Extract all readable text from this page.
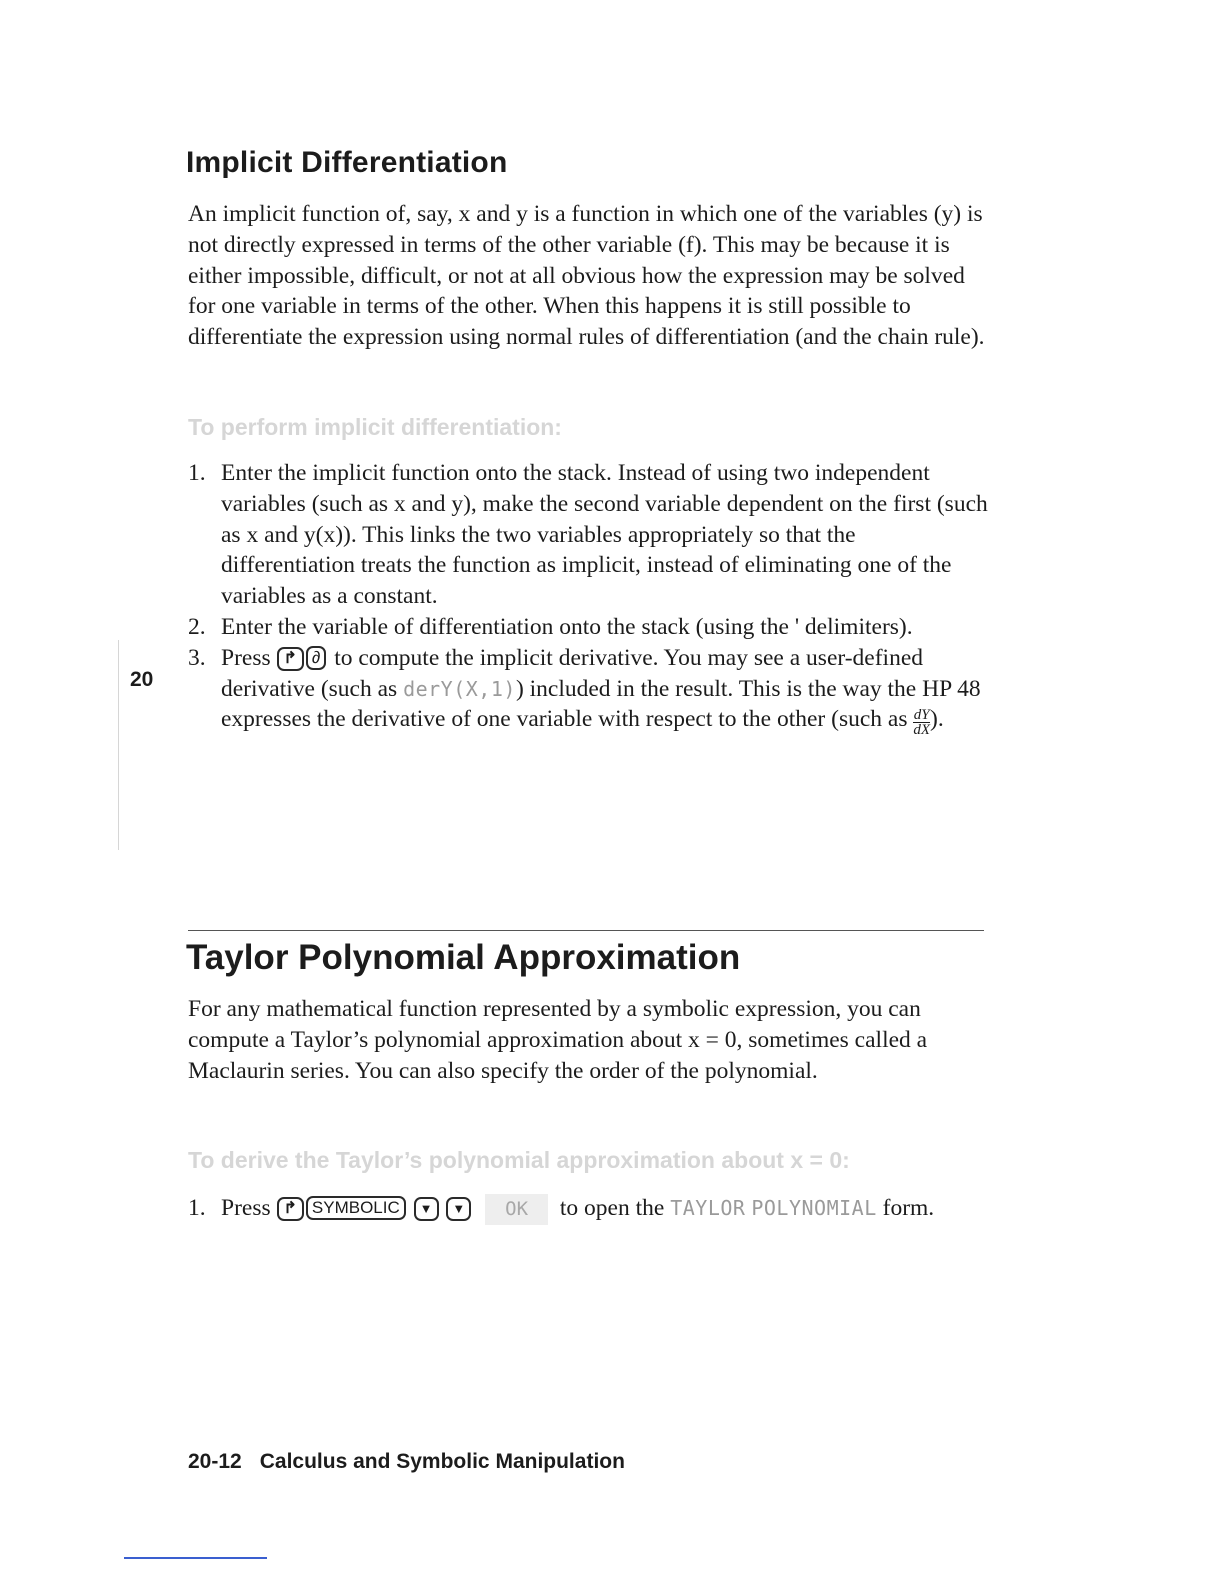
Implicit Differentiation
An implicit function of, say, x and y is a function in which one of the variables (y) is not directly expressed in terms of the other variable (f). This may be because it is either impossible, difficult, or not at all obvious how the expression may be solved for one variable in terms of the other. When this happens it is still possible to differentiate the expression using normal rules of differentiation (and the chain rule).
To perform implicit differentiation:
1. Enter the implicit function onto the stack. Instead of using two independent variables (such as x and y), make the second variable dependent on the first (such as x and y(x)). This links the two variables appropriately so that the differentiation treats the function as implicit, instead of eliminating one of the variables as a constant.
2. Enter the variable of differentiation onto the stack (using the ' delimiters).
3. Press ↱ ∂ to compute the implicit derivative. You may see a user-defined derivative (such as derY(X,1)) included in the result. This is the way the HP 48 expresses the derivative of one variable with respect to the other (such as $\frac{dY}{dX}$ ).
20
Taylor Polynomial Approximation
For any mathematical function represented by a symbolic expression, you can compute a Taylor’s polynomial approximation about x = 0, sometimes called a Maclaurin series. You can also specify the order of the polynomial.
To derive the Taylor’s polynomial approximation about x = 0:
1. Press ↱ SYMBOLIC ▼ ▼ OK to open the TAYLOR POLYNOMIAL form.
20-12 Calculus and Symbolic Manipulation
